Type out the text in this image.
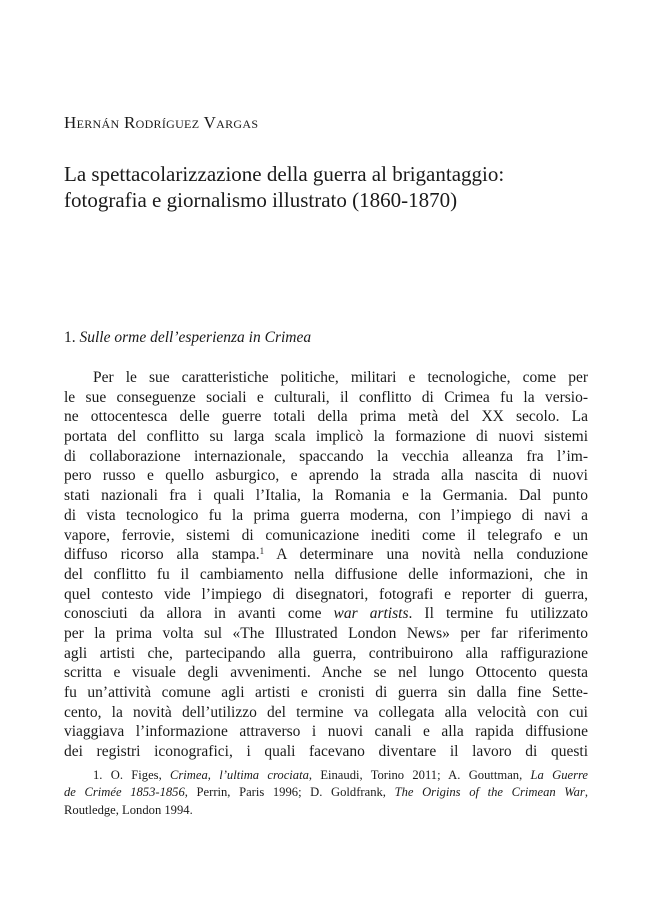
Hernán Rodríguez Vargas
La spettacolarizzazione della guerra al brigantaggio:
fotografia e giornalismo illustrato (1860-1870)
1. Sulle orme dell’esperienza in Crimea
Per le sue caratteristiche politiche, militari e tecnologiche, come per
le sue conseguenze sociali e culturali, il conflitto di Crimea fu la versio-
ne ottocentesca delle guerre totali della prima metà del XX secolo. La
portata del conflitto su larga scala implicò la formazione di nuovi sistemi
di collaborazione internazionale, spaccando la vecchia alleanza fra l’im-
pero russo e quello asburgico, e aprendo la strada alla nascita di nuovi
stati nazionali fra i quali l’Italia, la Romania e la Germania. Dal punto
di vista tecnologico fu la prima guerra moderna, con l’impiego di navi a
vapore, ferrovie, sistemi di comunicazione inediti come il telegrafo e un
diffuso ricorso alla stampa.$^1$ A determinare una novità nella conduzione
del conflitto fu il cambiamento nella diffusione delle informazioni, che in
quel contesto vide l’impiego di disegnatori, fotografi e reporter di guerra,
conosciuti da allora in avanti come war artists. Il termine fu utilizzato
per la prima volta sul «The Illustrated London News» per far riferimento
agli artisti che, partecipando alla guerra, contribuirono alla raffigurazione
scritta e visuale degli avvenimenti. Anche se nel lungo Ottocento questa
fu un’attività comune agli artisti e cronisti di guerra sin dalla fine Sette-
cento, la novità dell’utilizzo del termine va collegata alla velocità con cui
viaggiava l’informazione attraverso i nuovi canali e alla rapida diffusione
dei registri iconografici, i quali facevano diventare il lavoro di questi
1. O. Figes, Crimea, l’ultima crociata, Einaudi, Torino 2011; A. Gouttman, La Guerre
de Crimée 1853-1856, Perrin, Paris 1996; D. Goldfrank, The Origins of the Crimean War,
Routledge, London 1994.
